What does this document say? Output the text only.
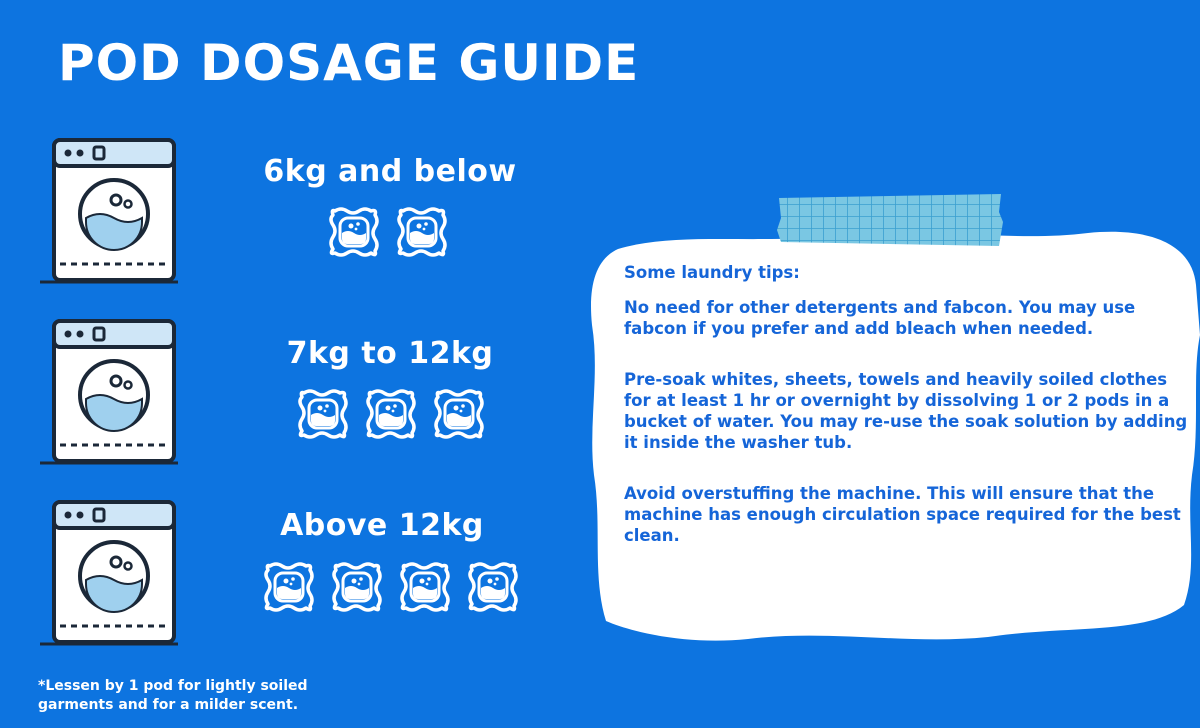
POD DOSAGE GUIDE
6kg and below
7kg to 12kg
Above 12kg

Some laundry tips:

No need for other detergents and fabcon. You may use fabcon if you prefer and add bleach when needed.

Pre-soak whites, sheets, towels and heavily soiled clothes for at least 1 hr or overnight by dissolving 1 or 2 pods in a bucket of water. You may re-use the soak solution by adding it inside the washer tub.

Avoid overstuffing the machine. This will ensure that the machine has enough circulation space required for the best clean.

*Lessen by 1 pod for lightly soiled garments and for a milder scent.
